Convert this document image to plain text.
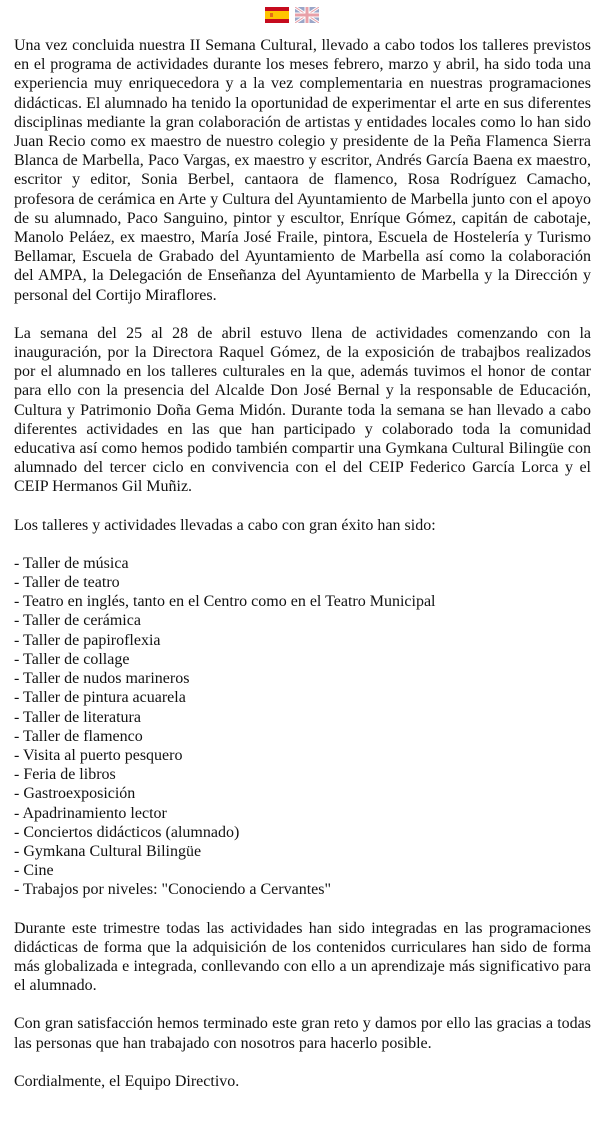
Una vez concluida nuestra II Semana Cultural, llevado a cabo todos los talleres previstos en el programa de actividades durante los meses febrero, marzo y abril, ha sido toda una experiencia muy enriquecedora y a la vez complementaria en nuestras programaciones didácticas. El alumnado ha tenido la oportunidad de experimentar el arte en sus diferentes disciplinas mediante la gran colaboración de artistas y entidades locales como lo han sido Juan Recio como ex maestro de nuestro colegio y presidente de la Peña Flamenca Sierra Blanca de Marbella, Paco Vargas, ex maestro y escritor, Andrés García Baena ex maestro, escritor y editor, Sonia Berbel, cantaora de flamenco, Rosa Rodríguez Camacho, profesora de cerámica en Arte y Cultura del Ayuntamiento de Marbella junto con el apoyo de su alumnado, Paco Sanguino, pintor y escultor, Enríque Gómez, capitán de cabotaje, Manolo Peláez, ex maestro, María José Fraile, pintora, Escuela de Hostelería y Turismo Bellamar, Escuela de Grabado del Ayuntamiento de Marbella así como la colaboración del AMPA, la Delegación de Enseñanza del Ayuntamiento de Marbella y la Dirección y personal del Cortijo Miraflores.

La semana del 25 al 28 de abril estuvo llena de actividades comenzando con la inauguración, por la Directora Raquel Gómez, de la exposición de trabajbos realizados por el alumnado en los talleres culturales en la que, además tuvimos el honor de contar para ello con la presencia del Alcalde Don José Bernal y la responsable de Educación, Cultura y Patrimonio Doña Gema Midón. Durante toda la semana se han llevado a cabo diferentes actividades en las que han participado y colaborado toda la comunidad educativa así como hemos podido también compartir una Gymkana Cultural Bilingüe con alumnado del tercer ciclo en convivencia con el del CEIP Federico García Lorca y el CEIP Hermanos Gil Muñiz.

Los talleres y actividades llevadas a cabo con gran éxito han sido:

- Taller de música
- Taller de teatro
- Teatro en inglés, tanto en el Centro como en el Teatro Municipal
- Taller de cerámica
- Taller de papiroflexia
- Taller de collage
- Taller de nudos marineros
- Taller de pintura acuarela
- Taller de literatura
- Taller de flamenco
- Visita al puerto pesquero
- Feria de libros
- Gastroexposición
- Apadrinamiento lector
- Conciertos didácticos (alumnado)
- Gymkana Cultural Bilingüe
- Cine
- Trabajos por niveles: "Conociendo a Cervantes"

Durante este trimestre todas las actividades han sido integradas en las programaciones didácticas de forma que la adquisición de los contenidos curriculares han sido de forma más globalizada e integrada, conllevando con ello a un aprendizaje más significativo para el alumnado.

Con gran satisfacción hemos terminado este gran reto y damos por ello las gracias a todas las personas que han trabajado con nosotros para hacerlo posible.

Cordialmente, el Equipo Directivo.
